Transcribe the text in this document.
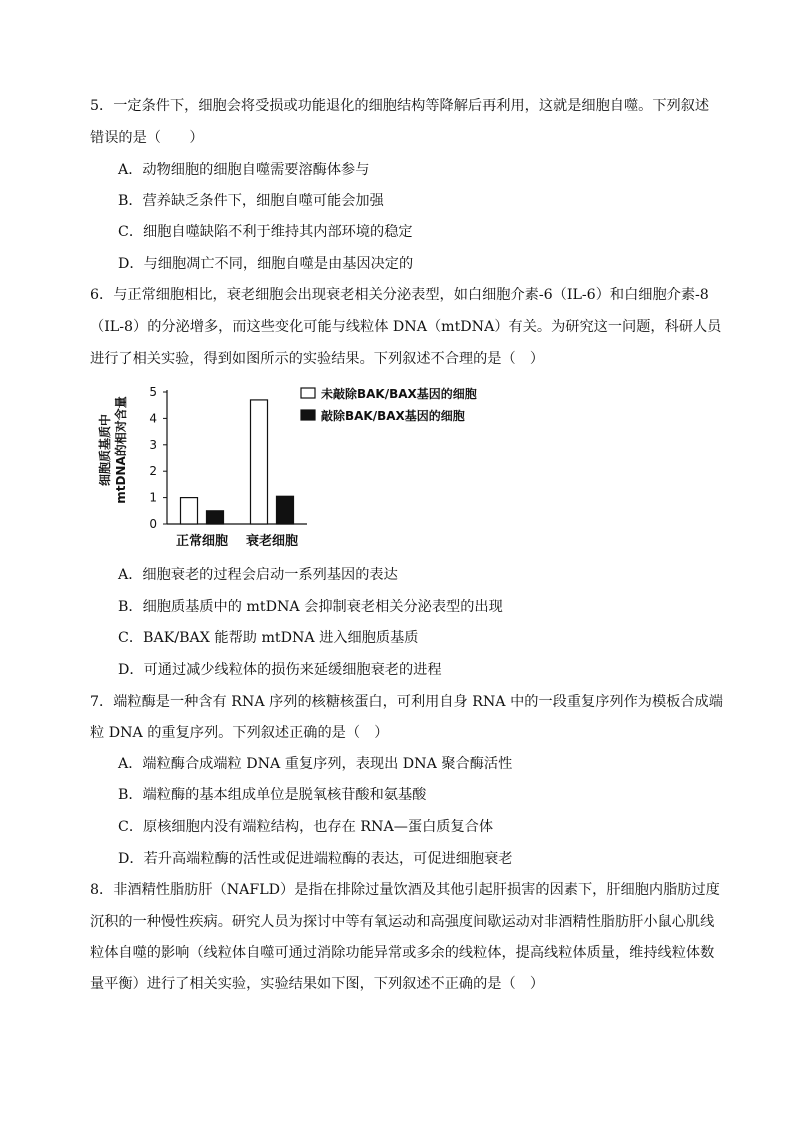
5．一定条件下，细胞会将受损或功能退化的细胞结构等降解后再利用，这就是细胞自噬。下列叙述
错误的是（　　）
A．动物细胞的细胞自噬需要溶酶体参与
B．营养缺乏条件下，细胞自噬可能会加强
C．细胞自噬缺陷不利于维持其内部环境的稳定
D．与细胞凋亡不同，细胞自噬是由基因决定的
6．与正常细胞相比，衰老细胞会出现衰老相关分泌表型，如白细胞介素-6（IL-6）和白细胞介素-8
（IL-8）的分泌增多，而这些变化可能与线粒体 DNA（mtDNA）有关。为研究这一问题，科研人员
进行了相关实验，得到如图所示的实验结果。下列叙述不合理的是（　）
细胞质基质中 mtDNA的相对含量
0
1
2
3
4
5
正常细胞 衰老细胞
未敲除BAK/BAX基因的细胞
敲除BAK/BAX基因的细胞
A．细胞衰老的过程会启动一系列基因的表达
B．细胞质基质中的 mtDNA 会抑制衰老相关分泌表型的出现
C．BAK/BAX 能帮助 mtDNA 进入细胞质基质
D．可通过减少线粒体的损伤来延缓细胞衰老的进程
7．端粒酶是一种含有 RNA 序列的核糖核蛋白，可利用自身 RNA 中的一段重复序列作为模板合成端
粒 DNA 的重复序列。下列叙述正确的是（　）
A．端粒酶合成端粒 DNA 重复序列，表现出 DNA 聚合酶活性
B．端粒酶的基本组成单位是脱氧核苷酸和氨基酸
C．原核细胞内没有端粒结构，也存在 RNA—蛋白质复合体
D．若升高端粒酶的活性或促进端粒酶的表达，可促进细胞衰老
8．非酒精性脂肪肝（NAFLD）是指在排除过量饮酒及其他引起肝损害的因素下，肝细胞内脂肪过度
沉积的一种慢性疾病。研究人员为探讨中等有氧运动和高强度间歇运动对非酒精性脂肪肝小鼠心肌线
粒体自噬的影响（线粒体自噬可通过消除功能异常或多余的线粒体，提高线粒体质量，维持线粒体数
量平衡）进行了相关实验，实验结果如下图，下列叙述不正确的是（　）
